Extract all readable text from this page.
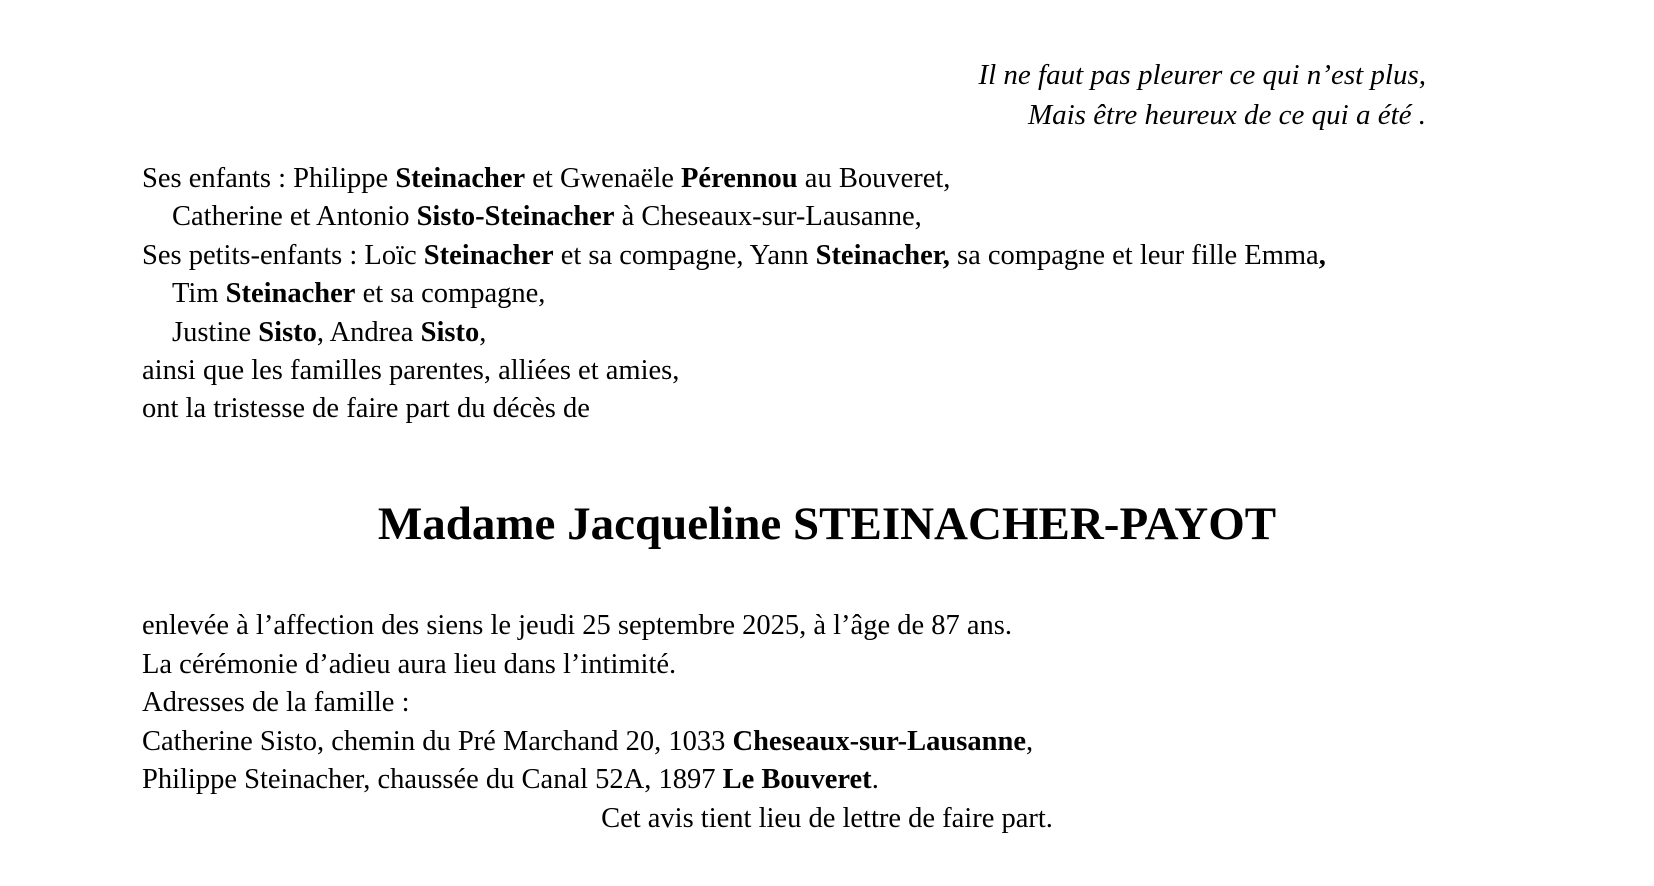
Il ne faut pas pleurer ce qui n’est plus,
Mais être heureux de ce qui a été .
Ses enfants : Philippe Steinacher et Gwenaële Pérennou au Bouveret,
Catherine et Antonio Sisto-Steinacher à Cheseaux-sur-Lausanne,
Ses petits-enfants : Loïc Steinacher et sa compagne, Yann Steinacher, sa compagne et leur fille Emma,
Tim Steinacher et sa compagne,
Justine Sisto, Andrea Sisto,
ainsi que les familles parentes, alliées et amies,
ont la tristesse de faire part du décès de
Madame Jacqueline STEINACHER-PAYOT
enlevée à l’affection des siens le jeudi 25 septembre 2025, à l’âge de 87 ans.
La cérémonie d’adieu aura lieu dans l’intimité.
Adresses de la famille :
Catherine Sisto, chemin du Pré Marchand 20, 1033 Cheseaux-sur-Lausanne,
Philippe Steinacher, chaussée du Canal 52A, 1897 Le Bouveret.
Cet avis tient lieu de lettre de faire part.
